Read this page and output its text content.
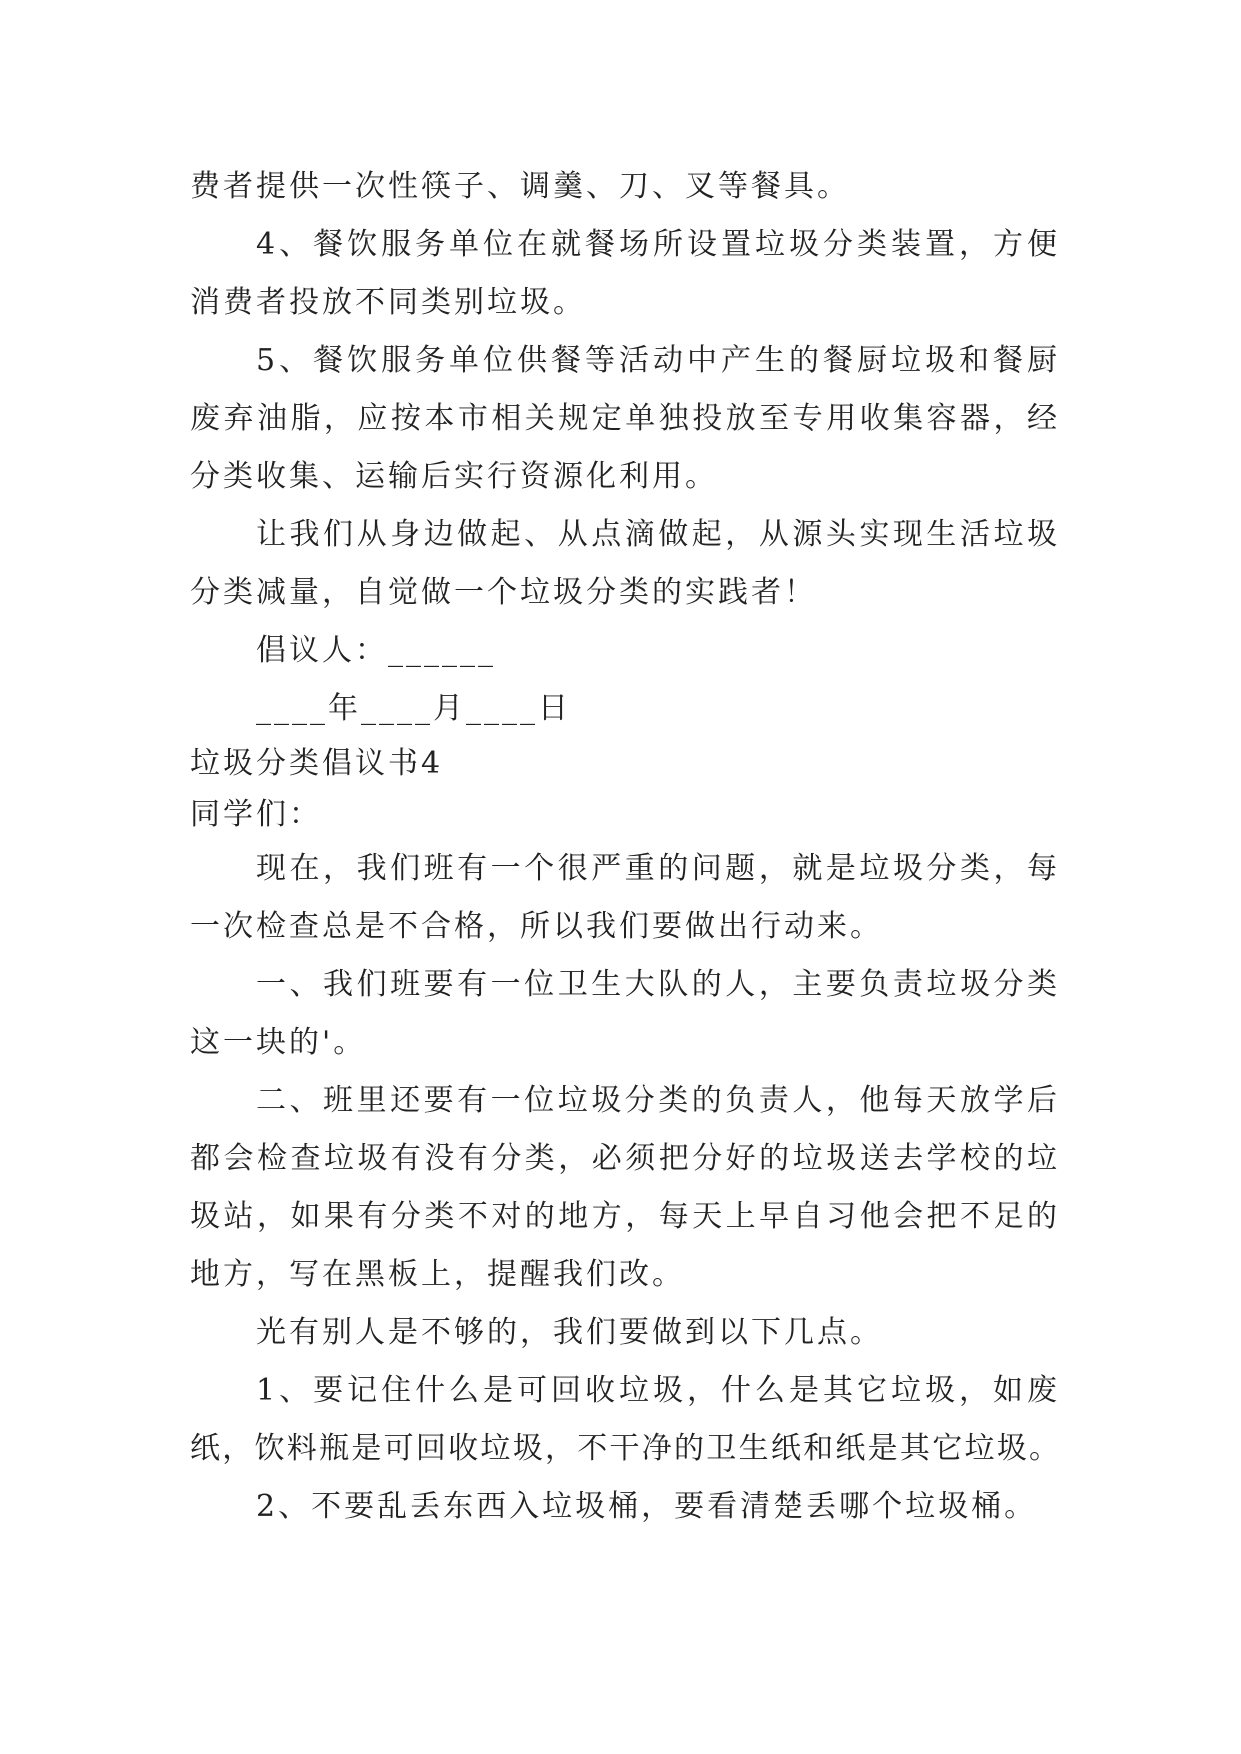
费者提供一次性筷子、调羹、刀、叉等餐具。
4、餐饮服务单位在就餐场所设置垃圾分类装置，方便
消费者投放不同类别垃圾。
5、餐饮服务单位供餐等活动中产生的餐厨垃圾和餐厨
废弃油脂，应按本市相关规定单独投放至专用收集容器，经
分类收集、运输后实行资源化利用。
让我们从身边做起、从点滴做起，从源头实现生活垃圾
分类减量，自觉做一个垃圾分类的实践者！
倡议人：______
____年____月____日
垃圾分类倡议书4
同学们：
现在，我们班有一个很严重的问题，就是垃圾分类，每
一次检查总是不合格，所以我们要做出行动来。
一、我们班要有一位卫生大队的人，主要负责垃圾分类
这一块的'。
二、班里还要有一位垃圾分类的负责人，他每天放学后
都会检查垃圾有没有分类，必须把分好的垃圾送去学校的垃
圾站，如果有分类不对的地方，每天上早自习他会把不足的
地方，写在黑板上，提醒我们改。
光有别人是不够的，我们要做到以下几点。
1、要记住什么是可回收垃圾，什么是其它垃圾，如废
纸，饮料瓶是可回收垃圾，不干净的卫生纸和纸是其它垃圾。
2、不要乱丢东西入垃圾桶，要看清楚丢哪个垃圾桶。
